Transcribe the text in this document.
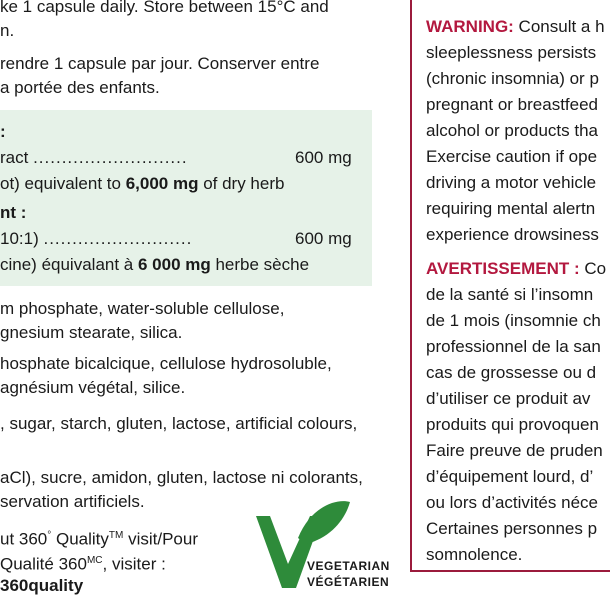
ke 1 capsule daily. Store between 15°C and
n.
rendre 1 capsule par jour. Conserver entre
a portée des enfants.
:
ract ...........................	600 mg
ot) equivalent to 6,000 mg of dry herb
nt :
10:1) ..........................	600 mg
cine) équivalant à 6 000 mg herbe sèche
m phosphate, water-soluble cellulose,
gnesium stearate, silica.
hosphate bicalcique, cellulose hydrosoluble,
agnésium végétal, silice.
, sugar, starch, gluten, lactose, artificial colours,
aCl), sucre, amidon, gluten, lactose ni colorants,
servation artificiels.
ut 360° Quality™ visit/Pour
Qualité $360^{MC}$, visiter :
360quality
VEGETARIAN
VÉGÉTARIEN
WARNING: Consult a h
sleeplessness persists
(chronic insomnia) or p
pregnant or breastfeed
alcohol or products tha
Exercise caution if ope
driving a motor vehicle
requiring mental alertn
experience drowsiness
AVERTISSEMENT : Co
de la santé si l’insomn
de 1 mois (insomnie ch
professionnel de la san
cas de grossesse ou d
d’utiliser ce produit av
produits qui provoquen
Faire preuve de pruden
d’équipement lourd, d’
ou lors d’activités néce
Certaines personnes p
somnolence.
